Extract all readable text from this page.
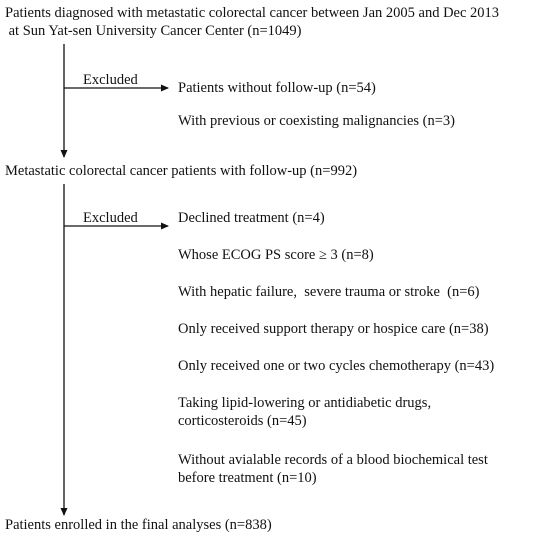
Patients diagnosed with metastatic colorectal cancer between Jan 2005 and Dec 2013

at Sun Yat-sen University Cancer Center (n=1049)

Excluded	Patients without follow-up (n=54)

With previous or coexisting malignancies (n=3)

Metastatic colorectal cancer patients with follow-up (n=992)

Excluded	Declined treatment (n=4)

Whose ECOG PS score ≥ 3 (n=8)

With hepatic failure,  severe trauma or stroke  (n=6)

Only received support therapy or hospice care (n=38)

Only received one or two cycles chemotherapy (n=43)

Taking lipid-lowering or antidiabetic drugs,
corticosteroids (n=45)

Without avialable records of a blood biochemical test
before treatment (n=10)

Patients enrolled in the final analyses (n=838)
